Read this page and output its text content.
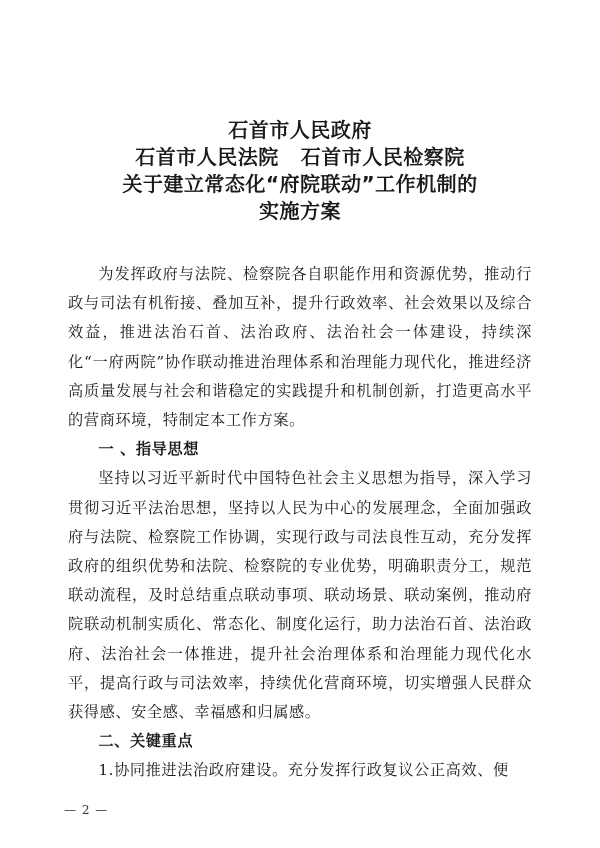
石首市人民政府
石首市人民法院 石首市人民检察院
关于建立常态化“府院联动”工作机制的
实施方案

为发挥政府与法院、检察院各自职能作用和资源优势，推动行政与司法有机衔接、叠加互补，提升行政效率、社会效果以及综合效益，推进法治石首、法治政府、法治社会一体建设，持续深化“一府两院”协作联动推进治理体系和治理能力现代化，推进经济高质量发展与社会和谐稳定的实践提升和机制创新，打造更高水平的营商环境，特制定本工作方案。

一 、指导思想

坚持以习近平新时代中国特色社会主义思想为指导，深入学习贯彻习近平法治思想，坚持以人民为中心的发展理念，全面加强政府与法院、检察院工作协调，实现行政与司法良性互动，充分发挥政府的组织优势和法院、检察院的专业优势，明确职责分工，规范联动流程，及时总结重点联动事项、联动场景、联动案例，推动府院联动机制实质化、常态化、制度化运行，助力法治石首、法治政府、法治社会一体推进，提升社会治理体系和治理能力现代化水平，提高行政与司法效率，持续优化营商环境，切实增强人民群众获得感、安全感、幸福感和归属感。

二、关键重点

1.协同推进法治政府建设。充分发挥行政复议公正高效、便

— 2 —
